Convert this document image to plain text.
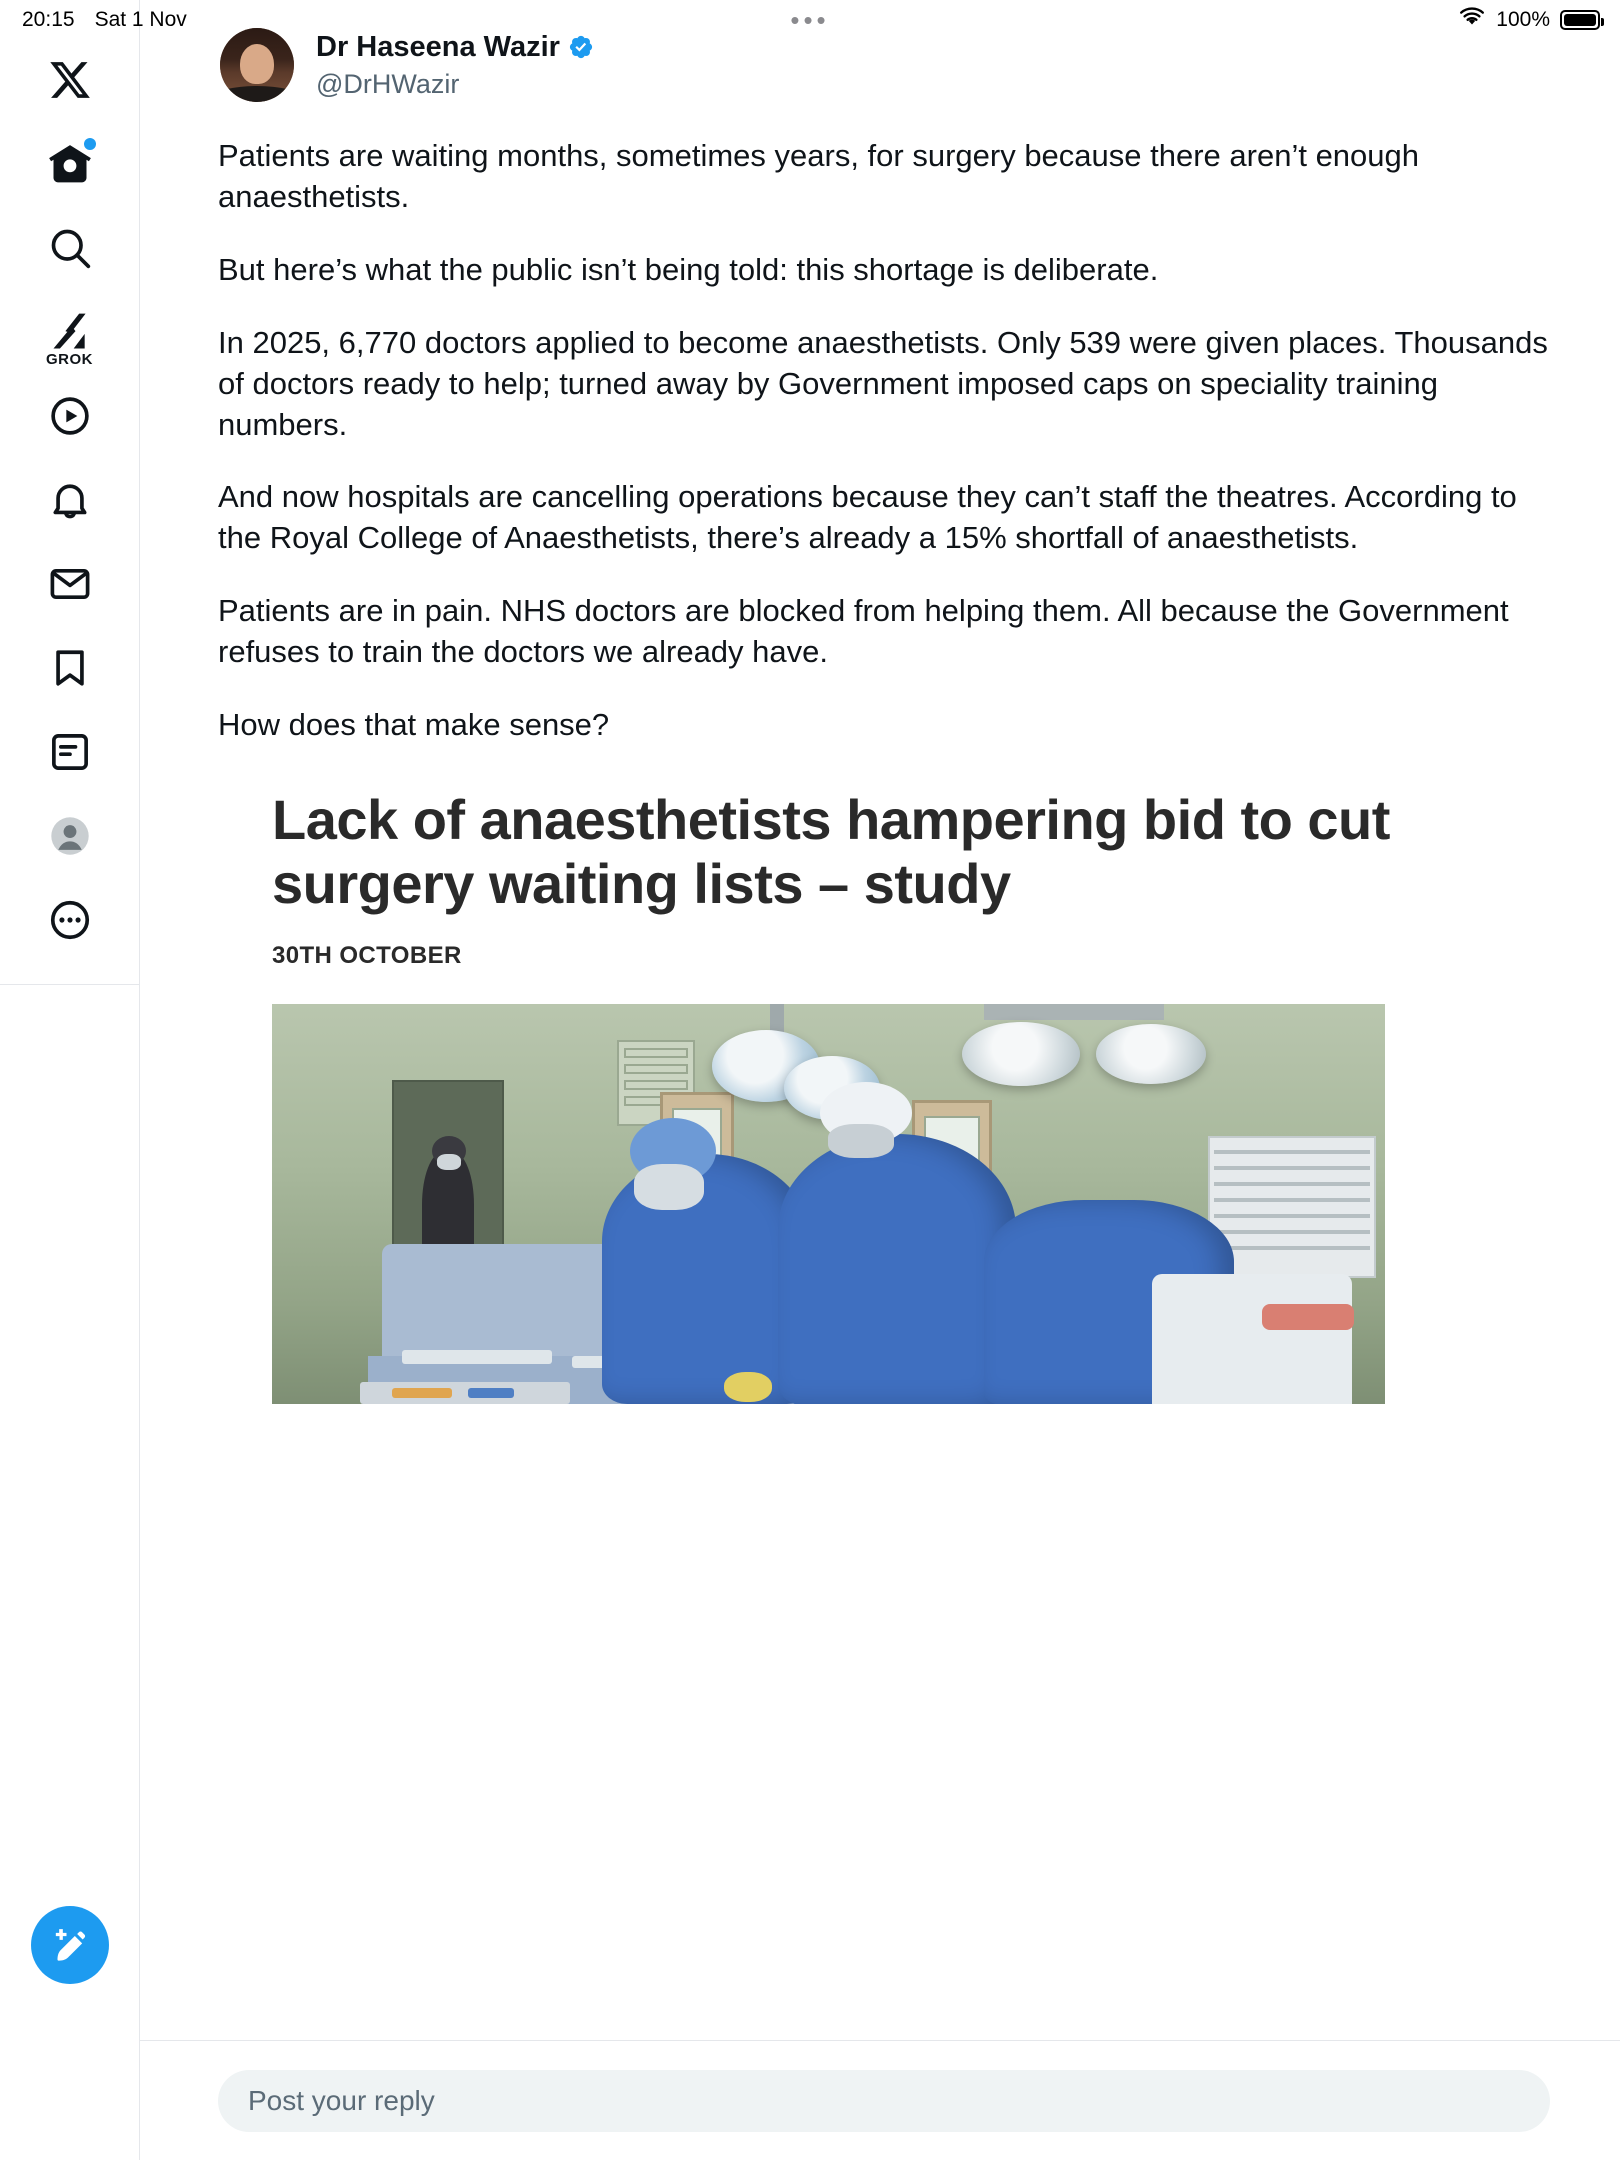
20:15 Sat 1 Nov	•••	100%
GROK
Dr Haseena Wazir
@DrHWazir

Patients are waiting months, sometimes years, for surgery because there aren’t enough anaesthetists.

But here’s what the public isn’t being told: this shortage is deliberate.

In 2025, 6,770 doctors applied to become anaesthetists. Only 539 were given places. Thousands of doctors ready to help; turned away by Government imposed caps on speciality training numbers.

And now hospitals are cancelling operations because they can’t staff the theatres. According to the Royal College of Anaesthetists, there’s already a 15% shortfall of anaesthetists.

Patients are in pain. NHS doctors are blocked from helping them. All because the Government refuses to train the doctors we already have.

How does that make sense?

Lack of anaesthetists hampering bid to cut surgery waiting lists – study
30TH OCTOBER
Post your reply
